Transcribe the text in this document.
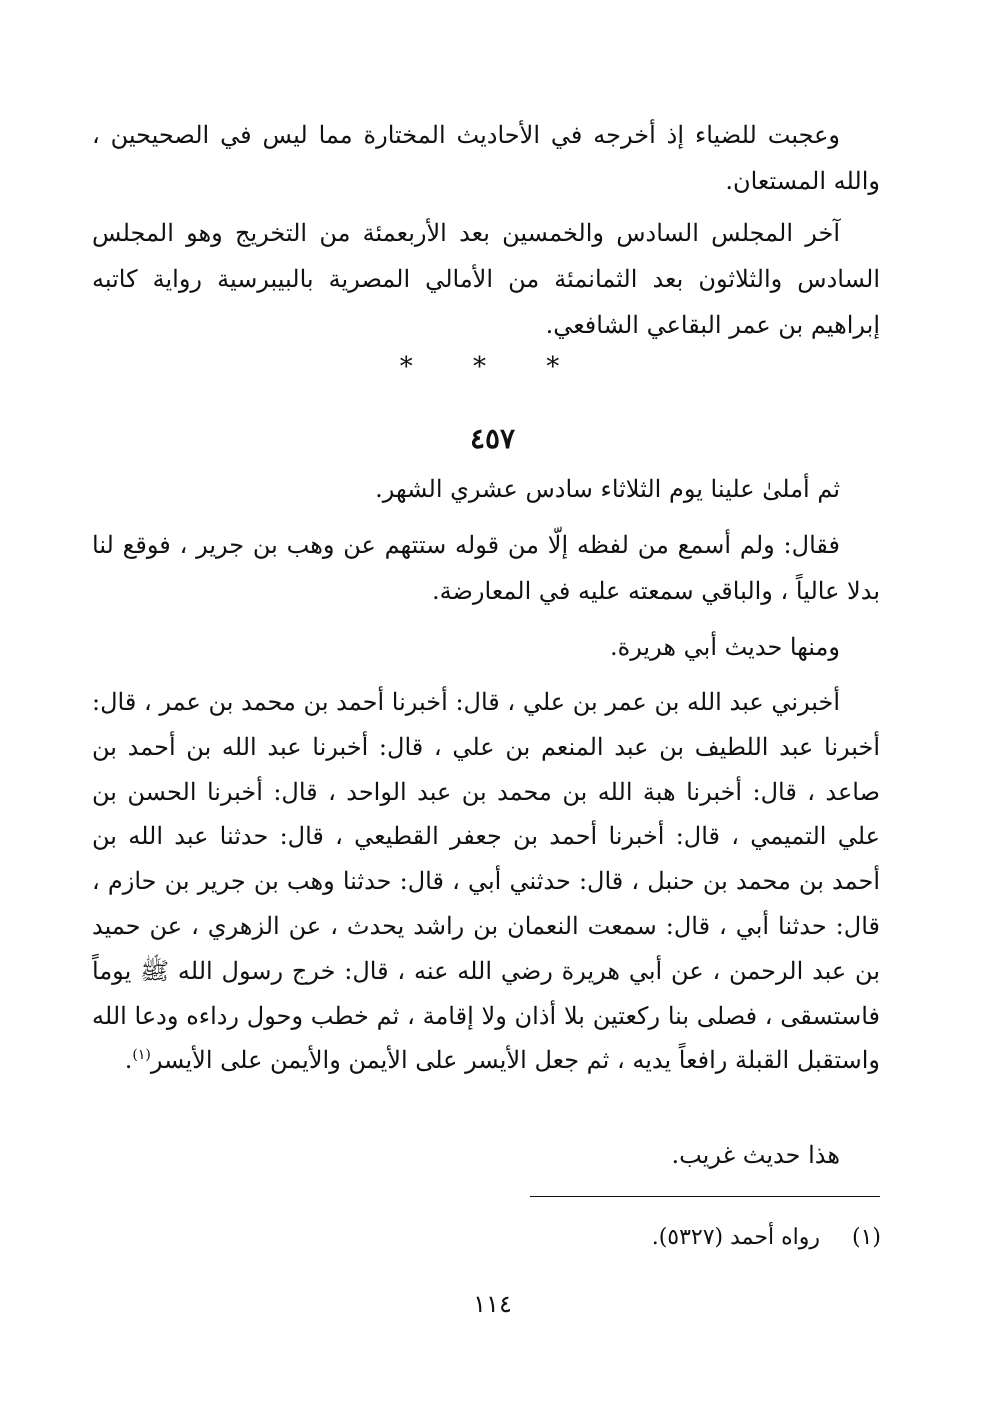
وعجبت للضياء إذ أخرجه في الأحاديث المختارة مما ليس في الصحيحين ، والله المستعان.

آخر المجلس السادس والخمسين بعد الأربعمئة من التخريج وهو المجلس السادس والثلاثون بعد الثمانمئة من الأمالي المصرية بالبيبرسية رواية كاتبه إبراهيم بن عمر البقاعي الشافعي.

* * *
٤٥٧

ثم أملىٰ علينا يوم الثلاثاء سادس عشري الشهر.

فقال: ولم أسمع من لفظه إلّا من قوله ستتهم عن وهب بن جرير ، فوقع لنا بدلا عالياً ، والباقي سمعته عليه في المعارضة.

ومنها حديث أبي هريرة.

أخبرني عبد الله بن عمر بن علي ، قال: أخبرنا أحمد بن محمد بن عمر ، قال: أخبرنا عبد اللطيف بن عبد المنعم بن علي ، قال: أخبرنا عبد الله بن أحمد بن صاعد ، قال: أخبرنا هبة الله بن محمد بن عبد الواحد ، قال: أخبرنا الحسن بن علي التميمي ، قال: أخبرنا أحمد بن جعفر القطيعي ، قال: حدثنا عبد الله بن أحمد بن محمد بن حنبل ، قال: حدثني أبي ، قال: حدثنا وهب بن جرير بن حازم ، قال: حدثنا أبي ، قال: سمعت النعمان بن راشد يحدث ، عن الزهري ، عن حميد بن عبد الرحمن ، عن أبي هريرة رضي الله عنه ، قال: خرج رسول الله ﷺ يوماً فاستسقى ، فصلى بنا ركعتين بلا أذان ولا إقامة ، ثم خطب وحول رداءه ودعا الله واستقبل القبلة رافعاً يديه ، ثم جعل الأيسر على الأيمن والأيمن على الأيسر$^{(١)}$.

هذا حديث غريب.

(١)  رواه أحمد (٥٣٢٧).
١١٤
